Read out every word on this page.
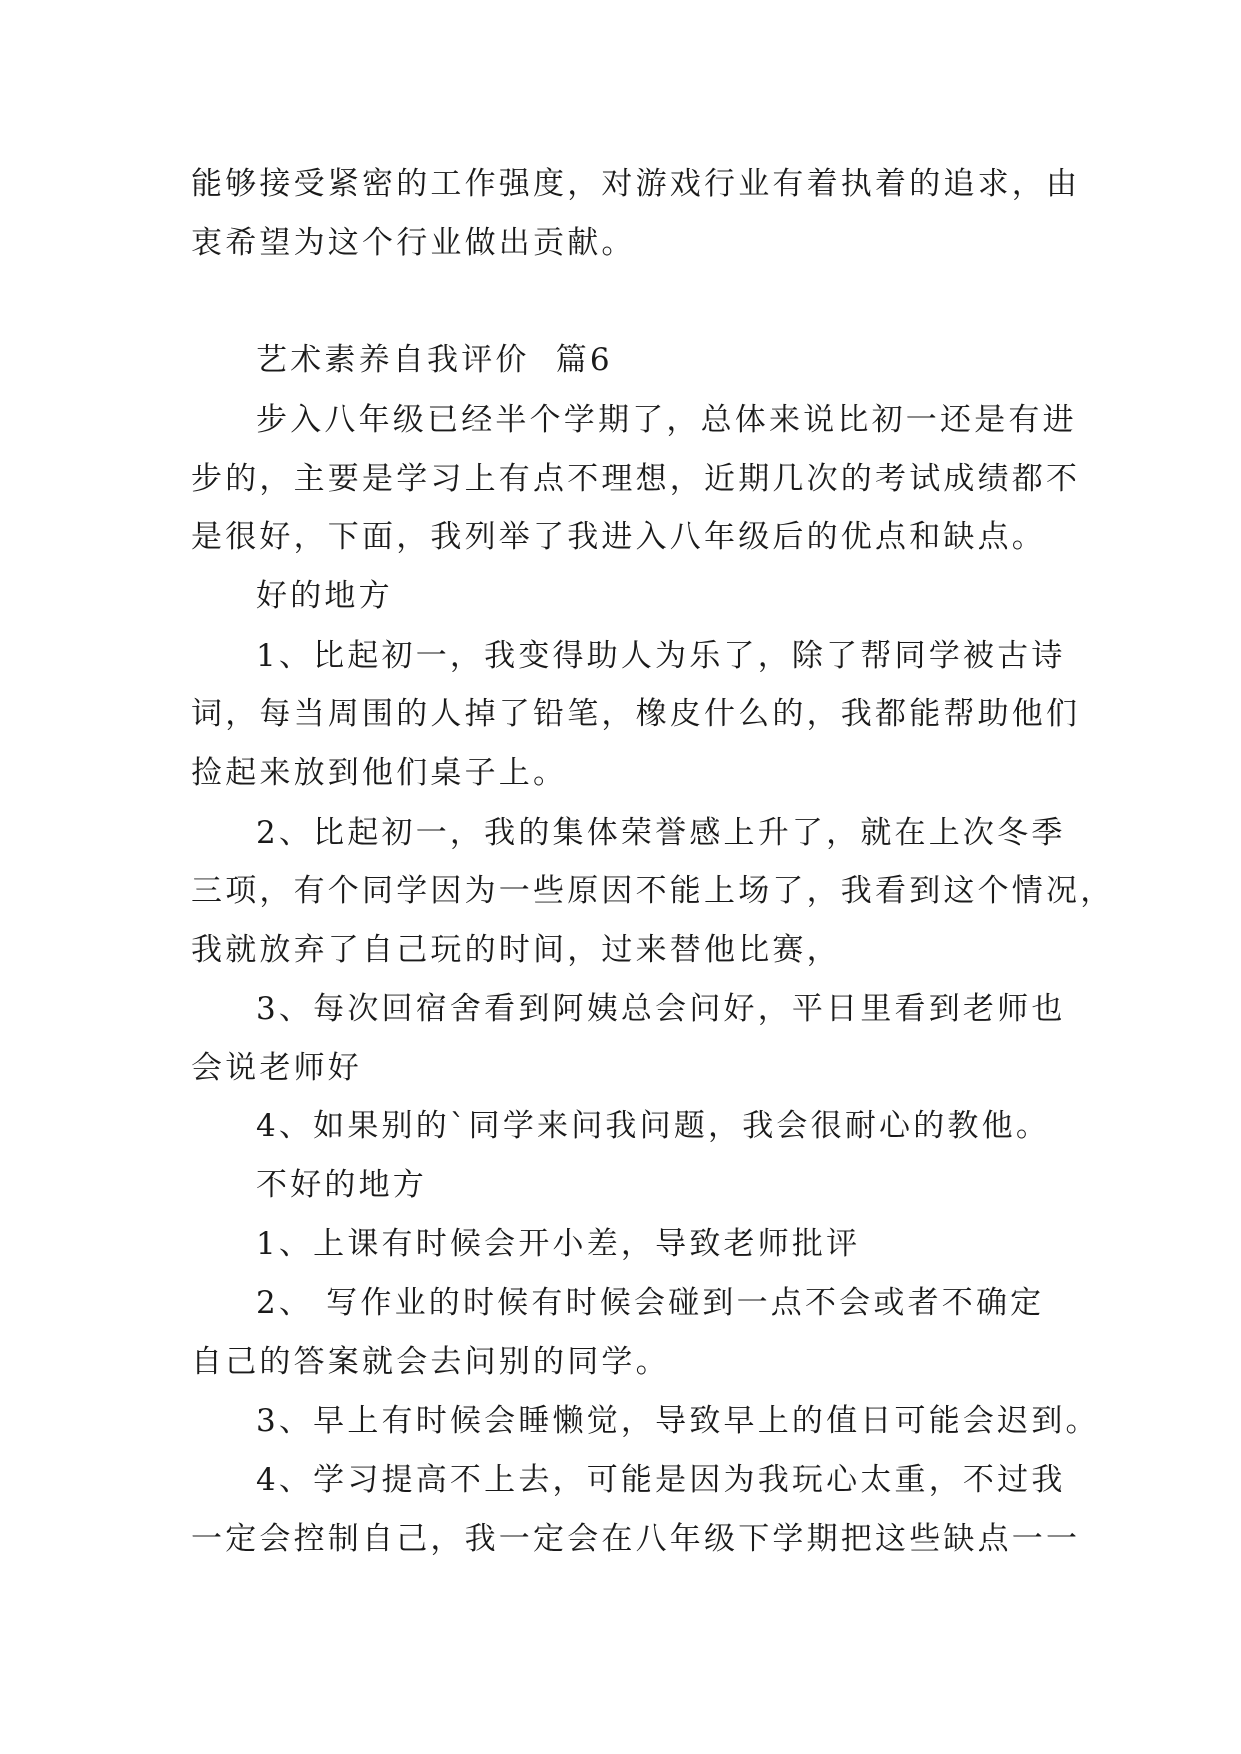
能够接受紧密的工作强度，对游戏行业有着执着的追求，由
衷希望为这个行业做出贡献。
艺术素养自我评价  篇6
步入八年级已经半个学期了，总体来说比初一还是有进
步的，主要是学习上有点不理想，近期几次的考试成绩都不
是很好，下面，我列举了我进入八年级后的优点和缺点。
好的地方
1、比起初一，我变得助人为乐了，除了帮同学被古诗
词，每当周围的人掉了铅笔，橡皮什么的，我都能帮助他们
捡起来放到他们桌子上。
2、比起初一，我的集体荣誉感上升了，就在上次冬季
三项，有个同学因为一些原因不能上场了，我看到这个情况，
我就放弃了自己玩的时间，过来替他比赛，
3、每次回宿舍看到阿姨总会问好，平日里看到老师也
会说老师好
4、如果别的`同学来问我问题，我会很耐心的教他。
不好的地方
1、上课有时候会开小差，导致老师批评
2、 写作业的时候有时候会碰到一点不会或者不确定
自己的答案就会去问别的同学。
3、早上有时候会睡懒觉，导致早上的值日可能会迟到。
4、学习提高不上去，可能是因为我玩心太重，不过我
一定会控制自己，我一定会在八年级下学期把这些缺点一一
